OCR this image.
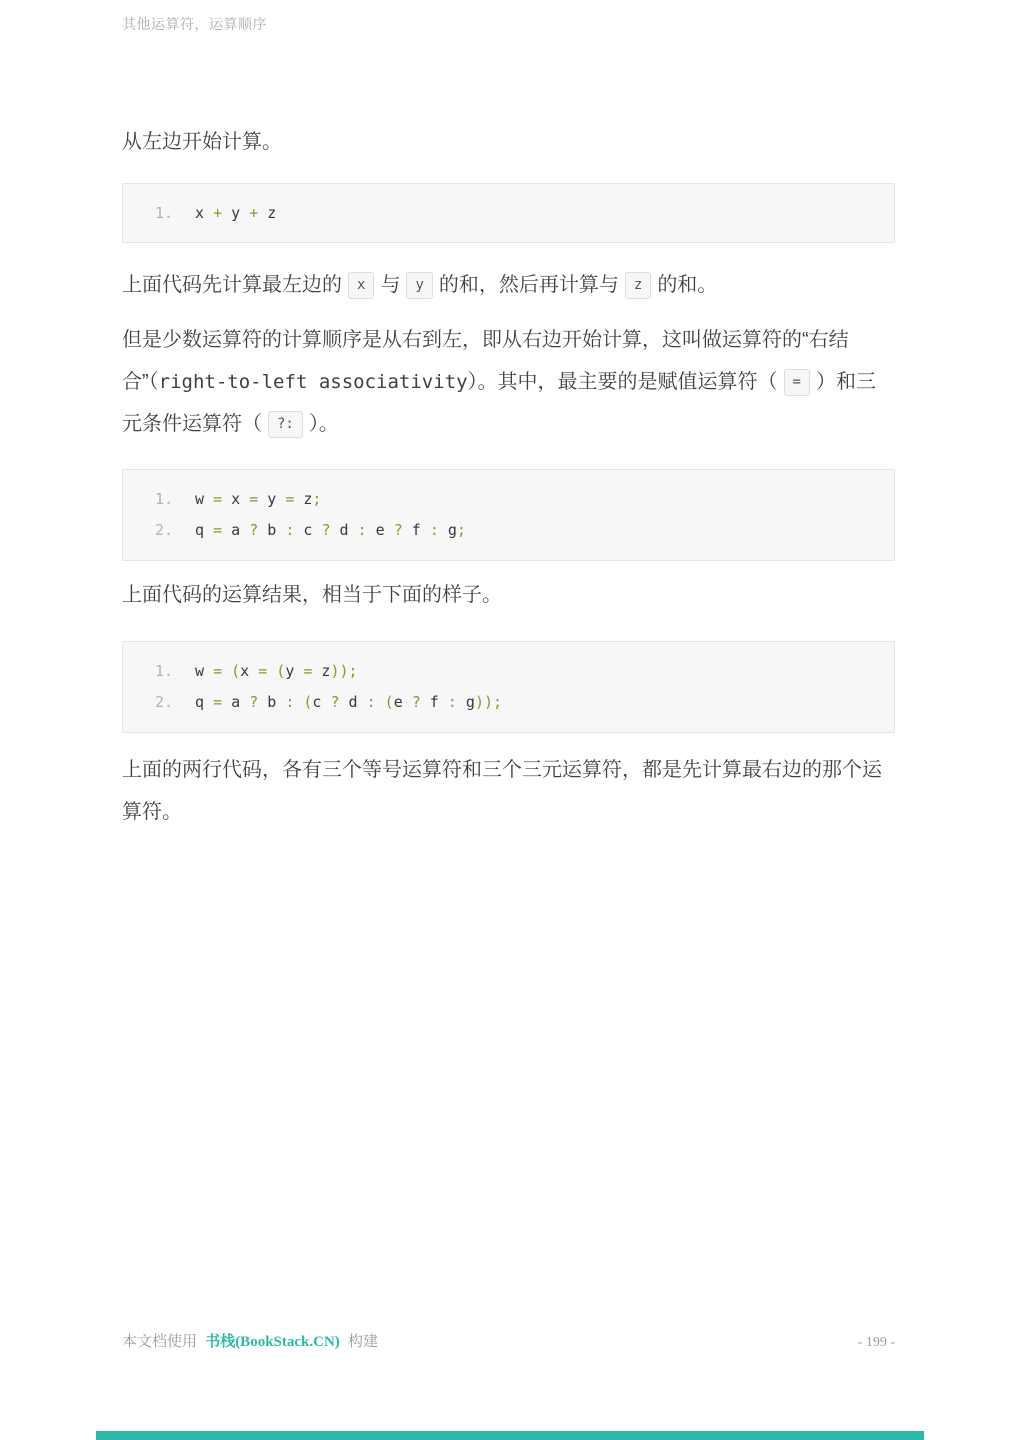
其他运算符，运算顺序

从左边开始计算。

1. x + y + z

上面代码先计算最左边的 x 与 y 的和，然后再计算与 z 的和。

但是少数运算符的计算顺序是从右到左，即从右边开始计算，这叫做运算符的“右结合”（right-to-left associativity）。其中，最主要的是赋值运算符（ = ）和三元条件运算符（ ?: ）。

1. w = x = y = z;
2. q = a ? b : c ? d : e ? f : g;

上面代码的运算结果，相当于下面的样子。

1. w = (x = (y = z));
2. q = a ? b : (c ? d : (e ? f : g));

上面的两行代码，各有三个等号运算符和三个三元运算符，都是先计算最右边的那个运算符。

本文档使用 书栈(BookStack.CN) 构建	- 199 -
